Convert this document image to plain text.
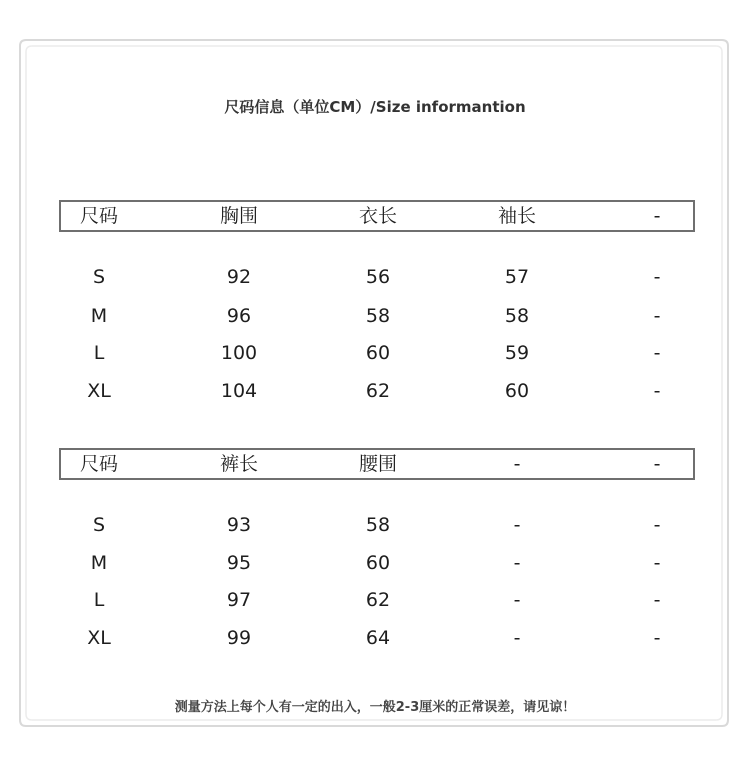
尺码信息（单位CM）/Size informantion
尺码	胸围	衣长	袖长	-
S	92	56	57	-
M	96	58	58	-
L	100	60	59	-
XL	104	62	60	-
尺码	裤长	腰围	-	-
S	93	58	-	-
M	95	60	-	-
L	97	62	-	-
XL	99	64	-	-
测量方法上每个人有一定的出入，一般2-3厘米的正常误差，请见谅！
